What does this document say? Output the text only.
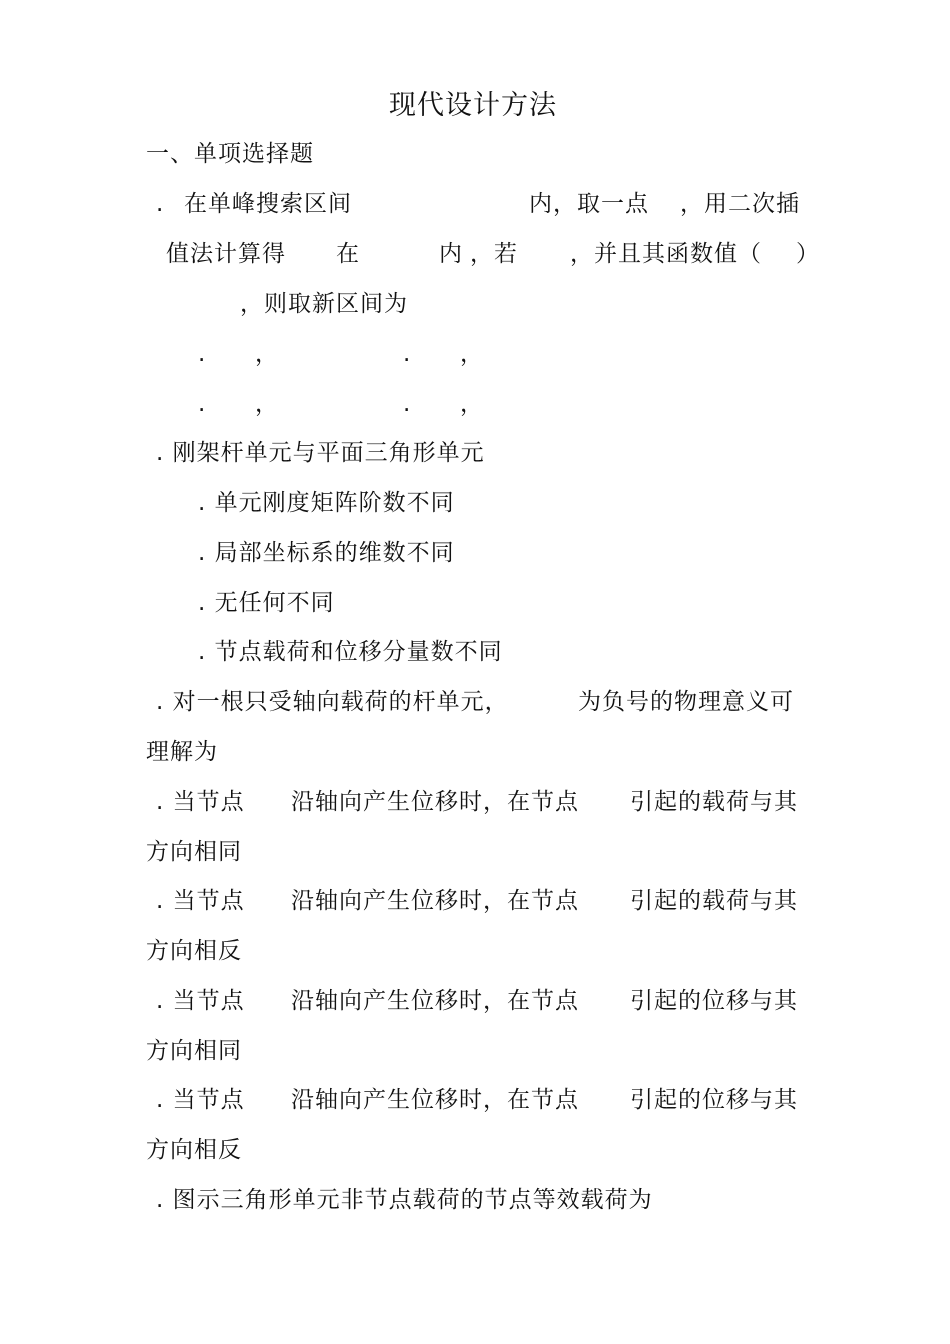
现代设计方法
一、单项选择题
. 在单峰搜索区间	内，取一点 ，用二次插
值法计算得 在	内 ，若 ，并且其函数值（ ）
，则取新区间为
. ，	. ，
. ，	. ，
. 刚架杆单元与平面三角形单元
. 单元刚度矩阵阶数不同
. 局部坐标系的维数不同
. 无任何不同
. 节点载荷和位移分量数不同
. 对一根只受轴向载荷的杆单元，	为负号的物理意义可
理解为
. 当节点 沿轴向产生位移时，在节点 引起的载荷与其
方向相同
. 当节点 沿轴向产生位移时，在节点 引起的载荷与其
方向相反
. 当节点 沿轴向产生位移时，在节点 引起的位移与其
方向相同
. 当节点 沿轴向产生位移时，在节点 引起的位移与其
方向相反
. 图示三角形单元非节点载荷的节点等效载荷为
